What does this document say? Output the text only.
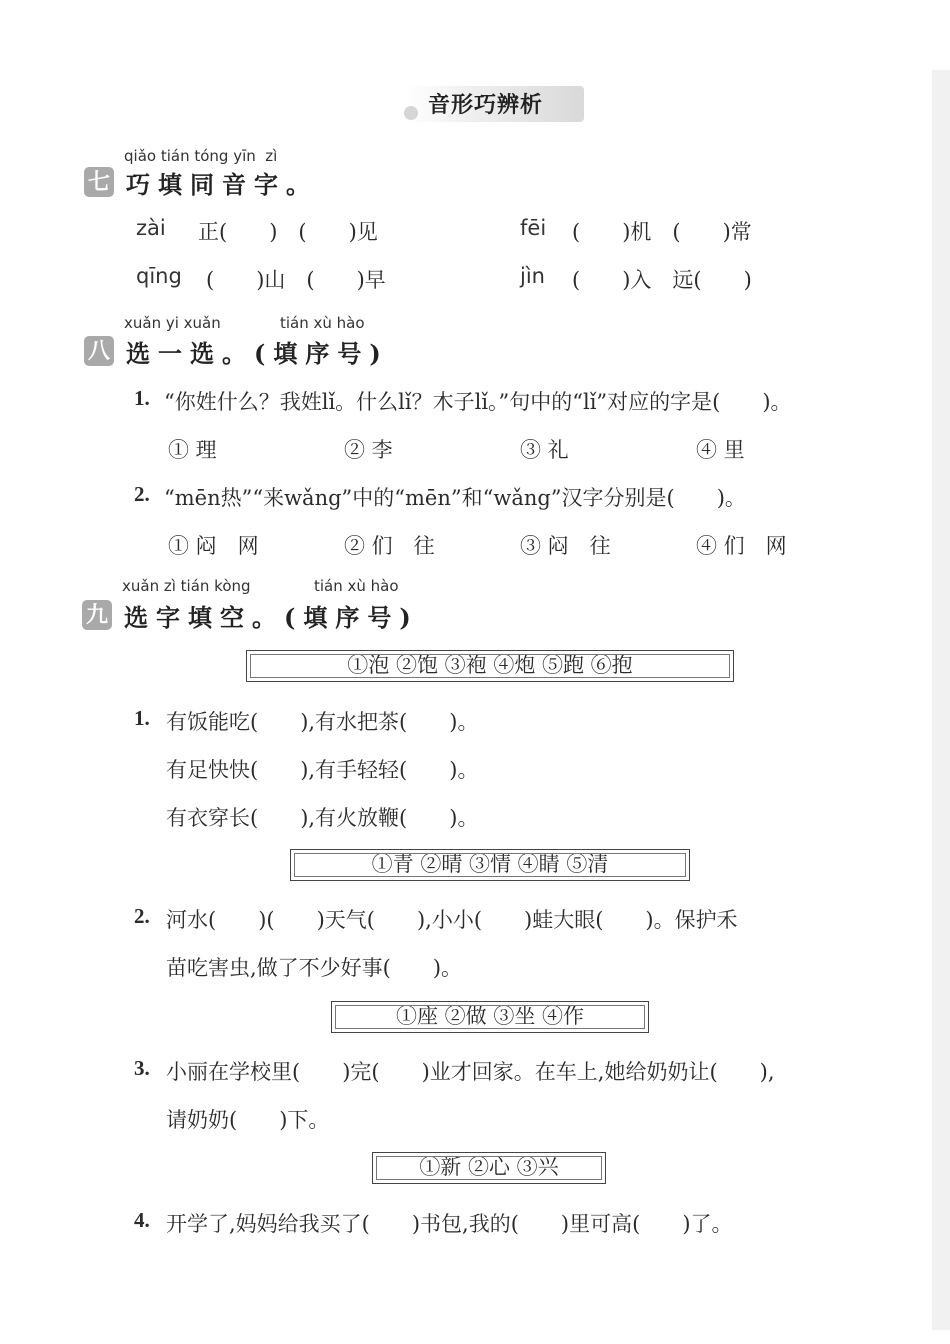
音形巧辨析
qiǎo tián tóng yīn  zì
七 巧填同音字。
zài 正(　　)　(　　)见	fēi (　　)机　(　　)常
qīng (　　)山　(　　)早	jìn (　　)入　远(　　)
xuǎn yi xuǎn	tián xù hào
八 选一选。(填序号)
1. “你姓什么？我姓lǐ。什么lǐ？木子lǐ。”句中的“lǐ”对应的字是(　　)。
① 理	② 李	③ 礼	④ 里
2. “mēn热”“来wǎng”中的“mēn”和“wǎng”汉字分别是(　　)。
① 闷　网	② 们　往	③ 闷　往	④ 们　网
xuǎn zì tián kòng	tián xù hào
九 选字填空。(填序号)
①泡 ②饱 ③袍 ④炮 ⑤跑 ⑥抱
1. 有饭能吃(　　),有水把茶(　　)。
有足快快(　　),有手轻轻(　　)。
有衣穿长(　　),有火放鞭(　　)。
①青 ②晴 ③情 ④睛 ⑤清
2. 河水(　　)(　　)天气(　　),小小(　　)蛙大眼(　　)。保护禾
苗吃害虫,做了不少好事(　　)。
①座 ②做 ③坐 ④作
3. 小丽在学校里(　　)完(　　)业才回家。在车上,她给奶奶让(　　),
请奶奶(　　)下。
①新 ②心 ③兴
4. 开学了,妈妈给我买了(　　)书包,我的(　　)里可高(　　)了。
